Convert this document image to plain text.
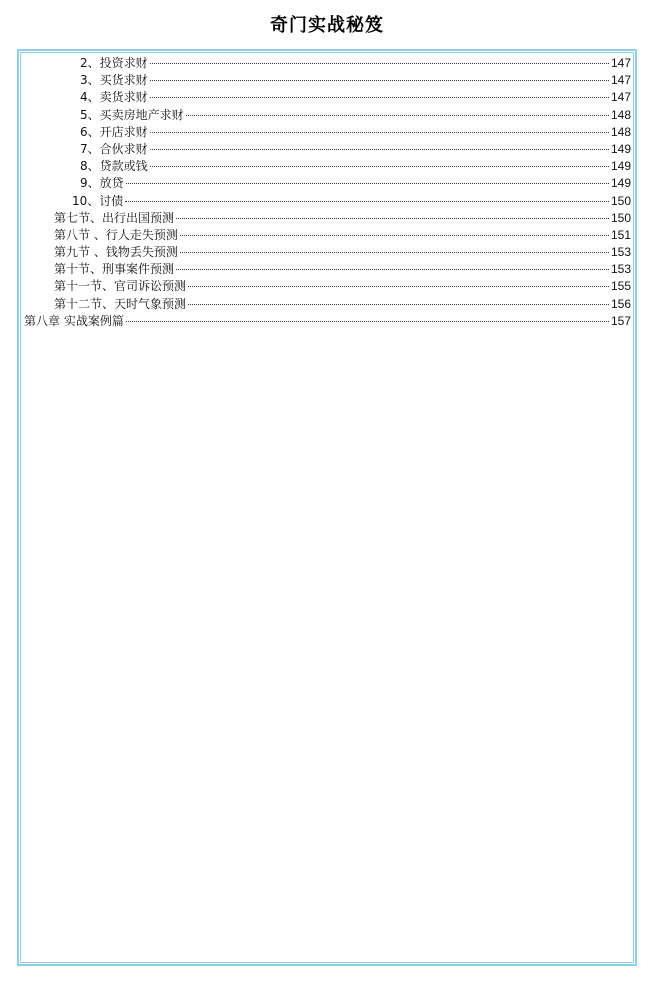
奇门实战秘笈
2、投资求财	147
3、买货求财	147
4、卖货求财	147
5、买卖房地产求财	148
6、开店求财	148
7、合伙求财	149
8、贷款或钱	149
9、放贷	149
10、讨债	150
第七节、出行出国预测	150
第八节 、行人走失预测	151
第九节 、钱物丢失预测	153
第十节、刑事案件预测	153
第十一节、官司诉讼预测	155
第十二节、天时气象预测	156
第八章 实战案例篇	157
